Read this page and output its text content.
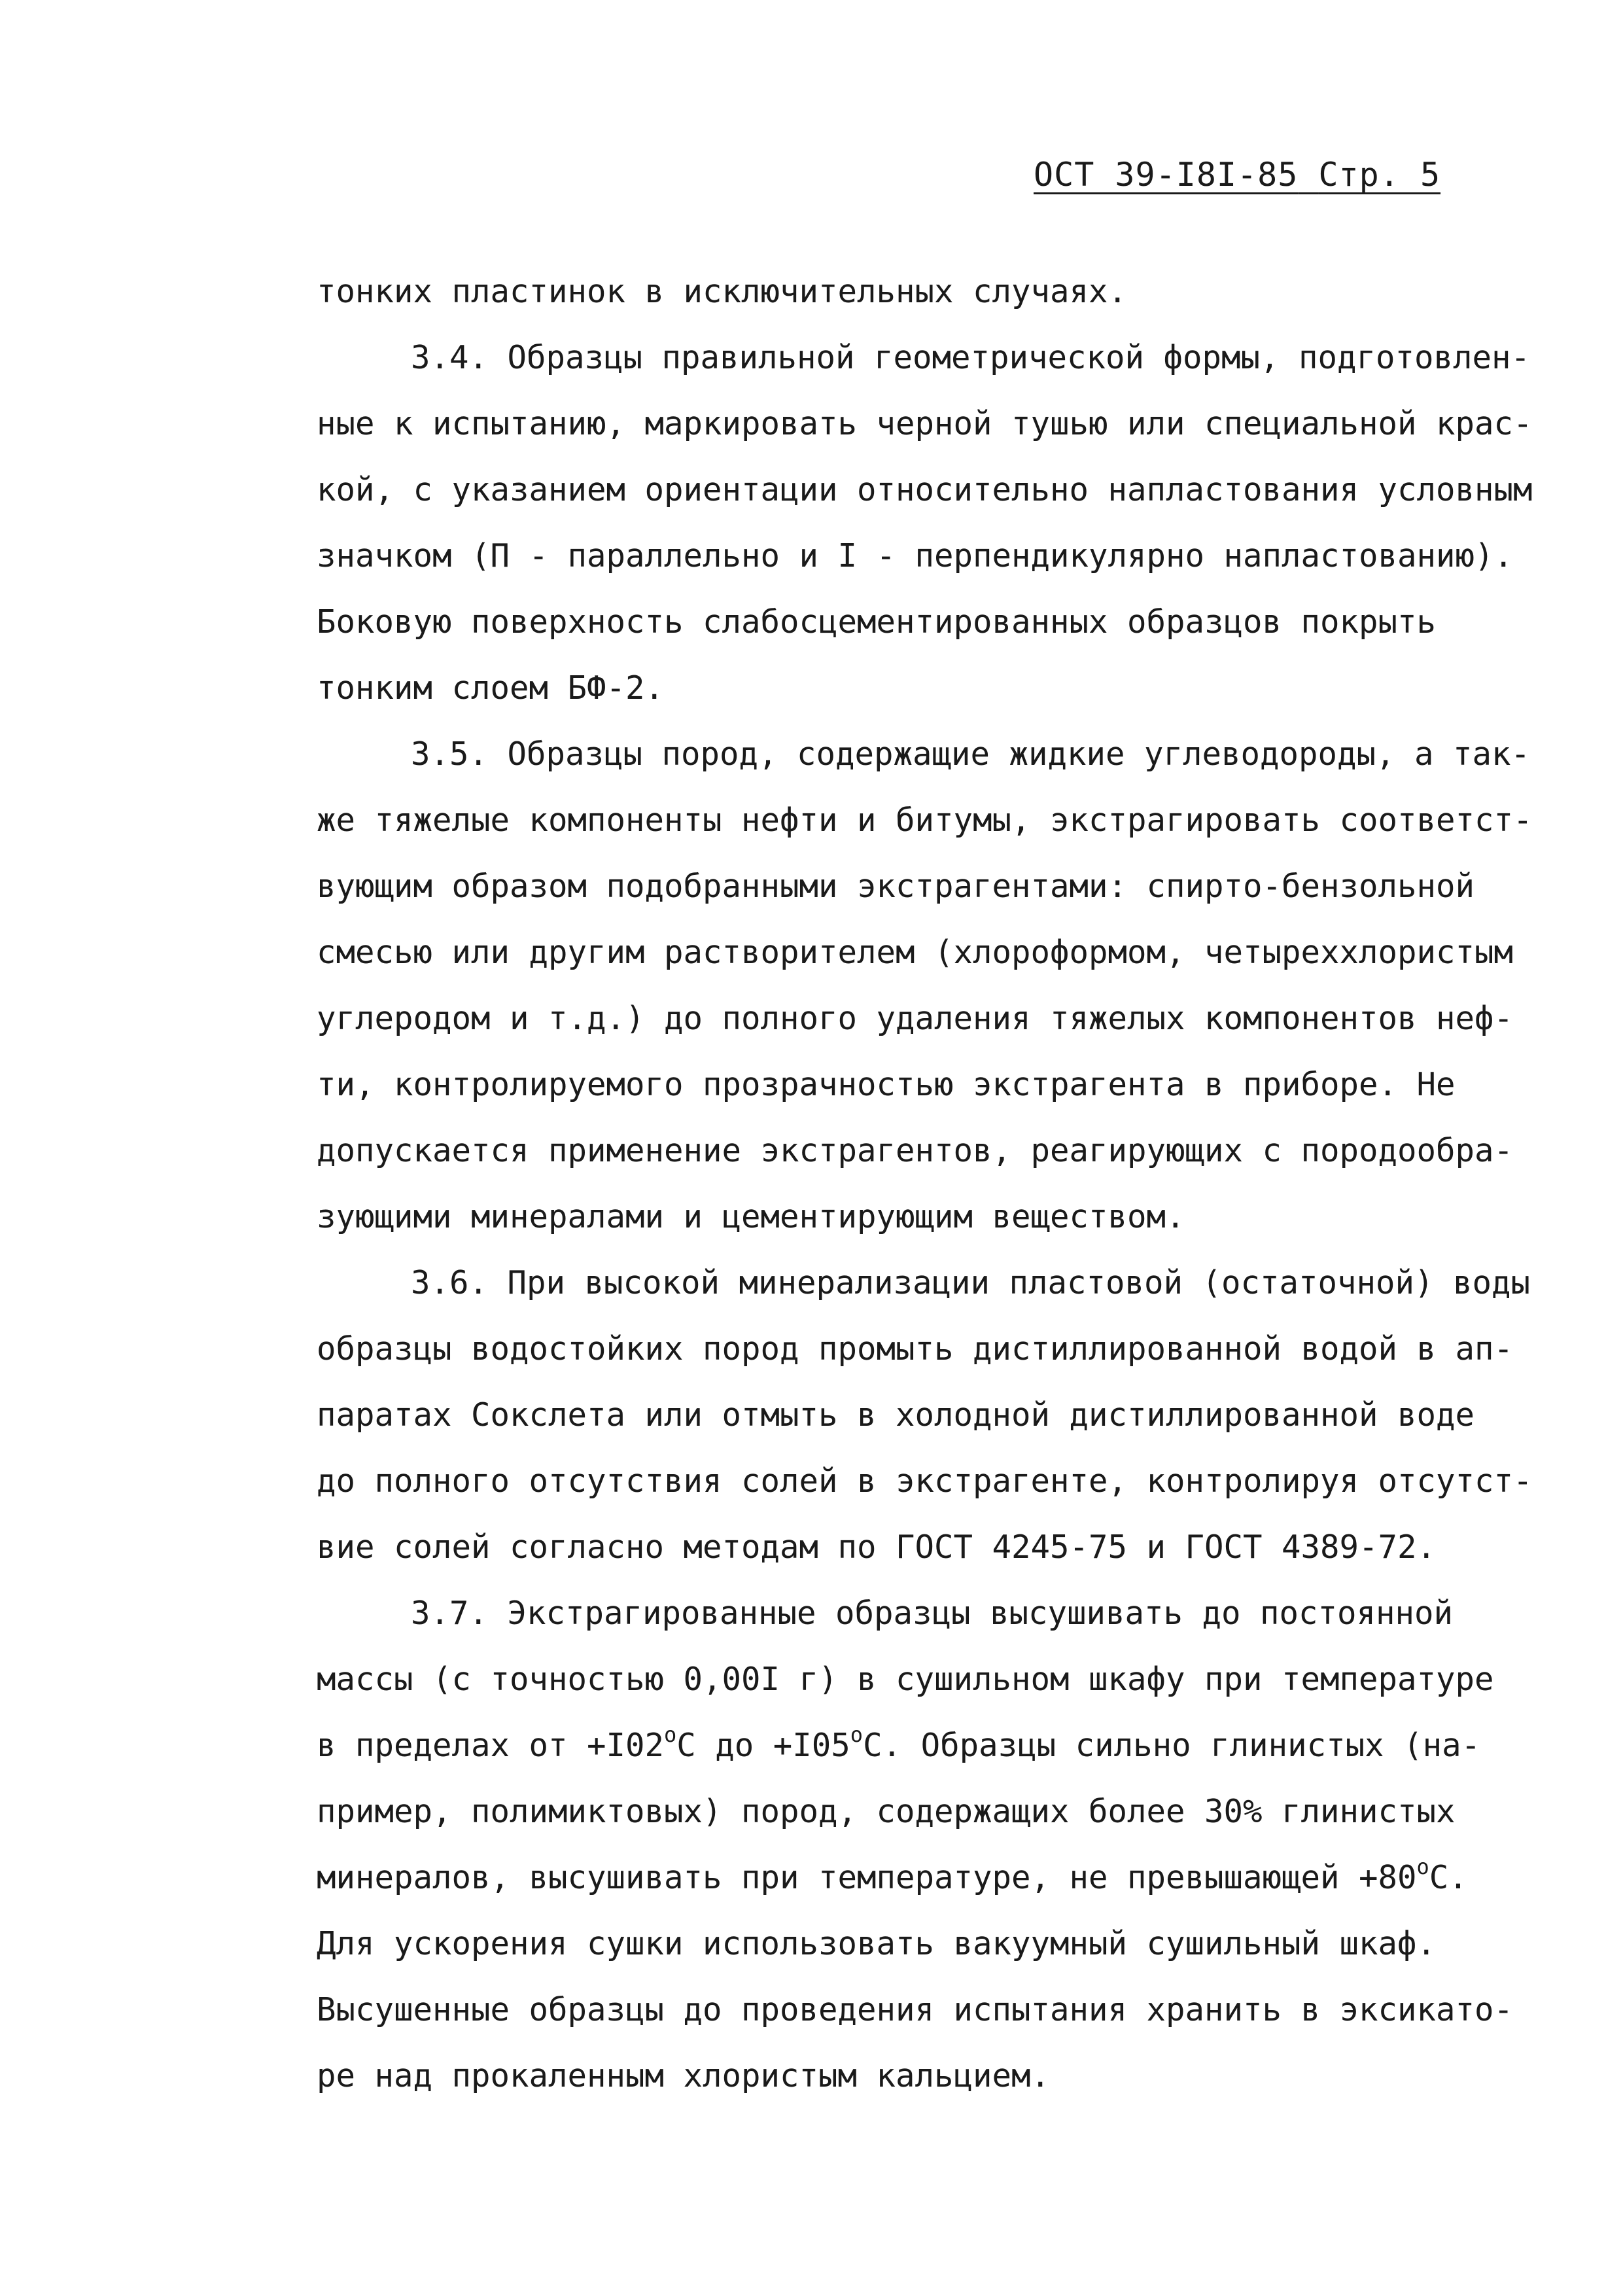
ОСТ 39-I8I-85 Стр. 5
тонких пластинок в исключительных случаях.
3.4. Образцы правильной геометрической формы, подготовлен-
ные к испытанию, маркировать черной тушью или специальной крас-
кой, с указанием ориентации относительно напластования условным
значком (П - параллельно и I - перпендикулярно напластованию).
Боковую поверхность слабосцементированных образцов покрыть
тонким слоем БФ-2.
3.5. Образцы пород, содержащие жидкие углеводороды, а так-
же тяжелые компоненты нефти и битумы, экстрагировать соответст-
вующим образом подобранными экстрагентами: спирто-бензольной
смесью или другим растворителем (хлороформом, четыреххлористым
углеродом и т.д.) до полного удаления тяжелых компонентов неф-
ти, контролируемого прозрачностью экстрагента в приборе. Не
допускается применение экстрагентов, реагирующих с породообра-
зующими минералами и цементирующим веществом.
3.6. При высокой минерализации пластовой (остаточной) воды
образцы водостойких пород промыть дистиллированной водой в ап-
паратах Сокслета или отмыть в холодной дистиллированной воде
до полного отсутствия солей в экстрагенте, контролируя отсутст-
вие солей согласно методам по ГОСТ 4245-75 и ГОСТ 4389-72.
3.7. Экстрагированные образцы высушивать до постоянной
массы (с точностью 0,00I г) в сушильном шкафу при температуре
в пределах от $+I02^oС$ до $+I05^oС$. Образцы сильно глинистых (на-
пример, полимиктовых) пород, содержащих более 30% глинистых
минералов, высушивать при температуре, не превышающей $+80^oС$.
Для ускорения сушки использовать вакуумный сушильный шкаф.
Высушенные образцы до проведения испытания хранить в эксикато-
ре над прокаленным хлористым кальцием.
